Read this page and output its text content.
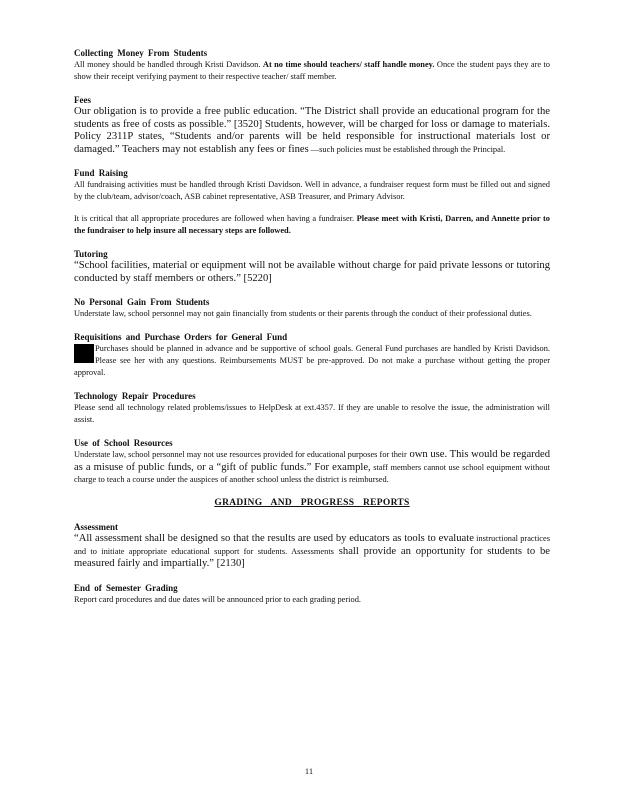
Collecting Money From Students
All money should be handled through Kristi Davidson. At no time should teachers/ staff handle money. Once the student pays they are to show their receipt verifying payment to their respective teacher/ staff member.
Fees
Our obligation is to provide a free public education. “The District shall provide an educational program for the students as free of costs as possible.” [3520] Students, however, will be charged for loss or damage to materials. Policy 2311P states, “Students and/or parents will be held responsible for instructional materials lost or damaged.” Teachers may not establish any fees or fines —such policies must be established through the Principal.
Fund Raising
All fundraising activities must be handled through Kristi Davidson. Well in advance, a fundraiser request form must be filled out and signed by the club/team, advisor/coach, ASB cabinet representative, ASB Treasurer, and Primary Advisor.
It is critical that all appropriate procedures are followed when having a fundraiser. Please meet with Kristi, Darren, and Annette prior to the fundraiser to help insure all necessary steps are followed.
Tutoring
“School facilities, material or equipment will not be available without charge for paid private lessons or tutoring conducted by staff members or others.” [5220]
No Personal Gain From Students
Understate law, school personnel may not gain financially from students or their parents through the conduct of their professional duties.
Requisitions and Purchase Orders for General Fund
Purchases should be planned in advance and be supportive of school goals. General Fund purchases are handled by Kristi Davidson. Please see her with any questions. Reimbursements MUST be pre-approved. Do not make a purchase without getting the proper approval.
Technology Repair Procedures
Please send all technology related problems/issues to HelpDesk at ext.4357. If they are unable to resolve the issue, the administration will assist.
Use of School Resources
Understate law, school personnel may not use resources provided for educational purposes for their own use. This would be regarded as a misuse of public funds, or a “gift of public funds.” For example, staff members cannot use school equipment without charge to teach a course under the auspices of another school unless the district is reimbursed.
GRADING AND PROGRESS REPORTS
Assessment
“All assessment shall be designed so that the results are used by educators as tools to evaluate instructional practices and to initiate appropriate educational support for students. Assessments shall provide an opportunity for students to be measured fairly and impartially.” [2130]
End of Semester Grading
Report card procedures and due dates will be announced prior to each grading period.
11
